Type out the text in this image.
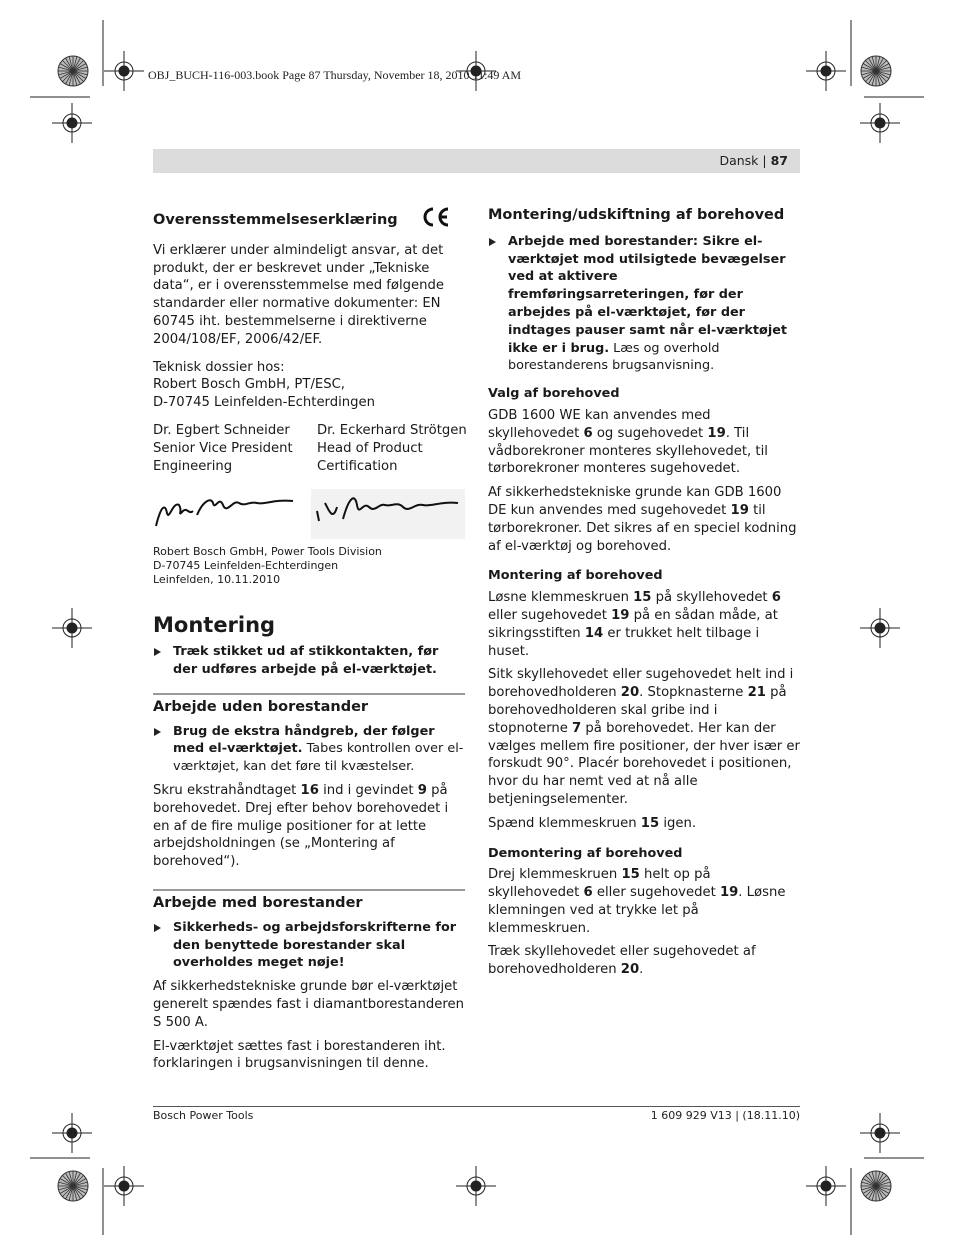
OBJ_BUCH-116-003.book Page 87 Thursday, November 18, 2010 11:49 AM
Dansk | 87
Overensstemmelseserklæring

Vi erklærer under almindeligt ansvar, at det produkt, der er beskrevet under „Tekniske data“, er i overensstemmelse med følgende standarder eller normative dokumenter: EN 60745 iht. bestemmelserne i direktiverne 2004/108/EF, 2006/42/EF.

Teknisk dossier hos:

Robert Bosch GmbH, PT/ESC,

D-70745 Leinfelden-Echterdingen

Dr. Egbert Schneider
Senior Vice President
Engineering
Dr. Eckerhard Strötgen
Head of Product
Certification
Robert Bosch GmbH, Power Tools Division
D-70745 Leinfelden-Echterdingen
Leinfelden, 10.11.2010
Montering
Træk stikket ud af stikkontakten, før der udføres arbejde på el-værktøjet.
Arbejde uden borestander
Brug de ekstra håndgreb, der følger med el-værktøjet. Tabes kontrollen over el-værktøjet, kan det føre til kvæstelser.

Skru ekstrahåndtaget 16 ind i gevindet 9 på borehovedet. Drej efter behov borehovedet i en af de fire mulige positioner for at lette arbejdsholdningen (se „Montering af borehoved“).

Arbejde med borestander
Sikkerheds- og arbejdsforskrifterne for den benyttede borestander skal overholdes meget nøje!

Af sikkerhedstekniske grunde bør el-værktøjet generelt spændes fast i diamantborestanderen S 500 A.

El-værktøjet sættes fast i borestanderen iht. forklaringen i brugsanvisningen til denne.

Montering/udskiftning af borehoved
Arbejde med borestander: Sikre el-værktøjet mod utilsigtede bevægelser ved at aktivere fremføringsarreteringen, før der arbejdes på el-værktøjet, før der indtages pauser samt når el-værktøjet ikke er i brug. Læs og overhold borestanderens brugsanvisning.
Valg af borehoved

GDB 1600 WE kan anvendes med skyllehovedet 6 og sugehovedet 19. Til vådborekroner monteres skyllehovedet, til tørborekroner monteres sugehovedet.

Af sikkerhedstekniske grunde kan GDB 1600 DE kun anvendes med sugehovedet 19 til tørborekroner. Det sikres af en speciel kodning af el-værktøj og borehoved.

Montering af borehoved

Løsne klemmeskruen 15 på skyllehovedet 6 eller sugehovedet 19 på en sådan måde, at sikringsstiften 14 er trukket helt tilbage i huset.

Sitk skyllehovedet eller sugehovedet helt ind i borehovedholderen 20. Stopknasterne 21 på borehovedholderen skal gribe ind i stopnoterne 7 på borehovedet. Her kan der vælges mellem fire positioner, der hver især er forskudt 90°. Placér borehovedet i positionen, hvor du har nemt ved at nå alle betjeningselementer.

Spænd klemmeskruen 15 igen.

Demontering af borehoved

Drej klemmeskruen 15 helt op på skyllehovedet 6 eller sugehovedet 19. Løsne klemningen ved at trykke let på klemmeskruen.

Træk skyllehovedet eller sugehovedet af borehovedholderen 20.

Bosch Power Tools	1 609 929 V13 | (18.11.10)
